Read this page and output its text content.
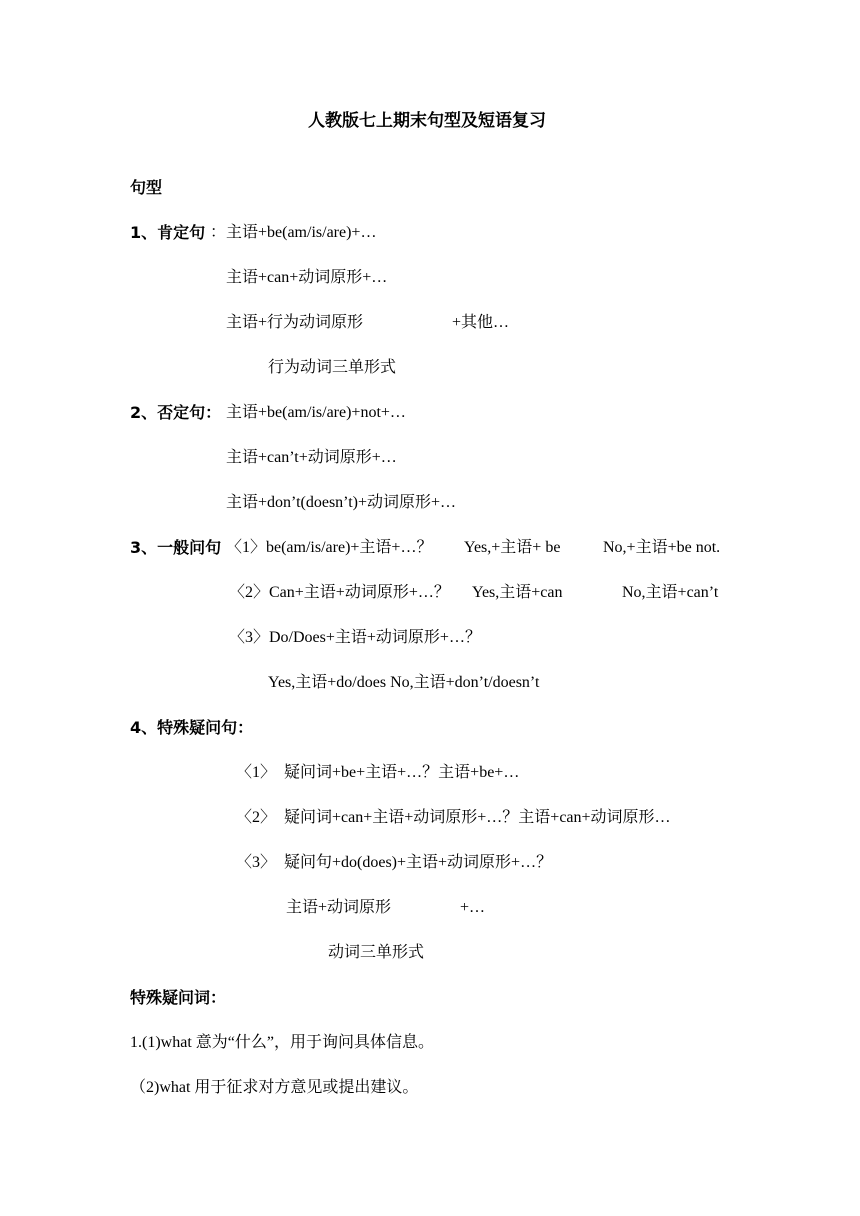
人教版七上期末句型及短语复习
句型
1、肯定句 ：主语+be(am/is/are)+…
主语+can+动词原形+…
主语+行为动词原形	+其他…
行为动词三单形式
2、否定句： 主语+be(am/is/are)+not+…
主语+can’t+动词原形+…
主语+don’t(doesn’t)+动词原形+…
3、一般问句 〈1〉be(am/is/are)+主语+…？ Yes,+主语+ be	No,+主语+be not.
〈2〉Can+主语+动词原形+…？ Yes,主语+can	No,主语+can’t
〈3〉Do/Does+主语+动词原形+…？
Yes,主语+do/does No,主语+don’t/doesn’t
4、特殊疑问句：
〈1〉  疑问词+be+主语+…？主语+be+…
〈2〉  疑问词+can+主语+动词原形+…？主语+can+动词原形…
〈3〉  疑问句+do(does)+主语+动词原形+…？
主语+动词原形	+…
动词三单形式
特殊疑问词：
1.(1)what 意为“什么”，用于询问具体信息。
（2)what 用于征求对方意见或提出建议。
